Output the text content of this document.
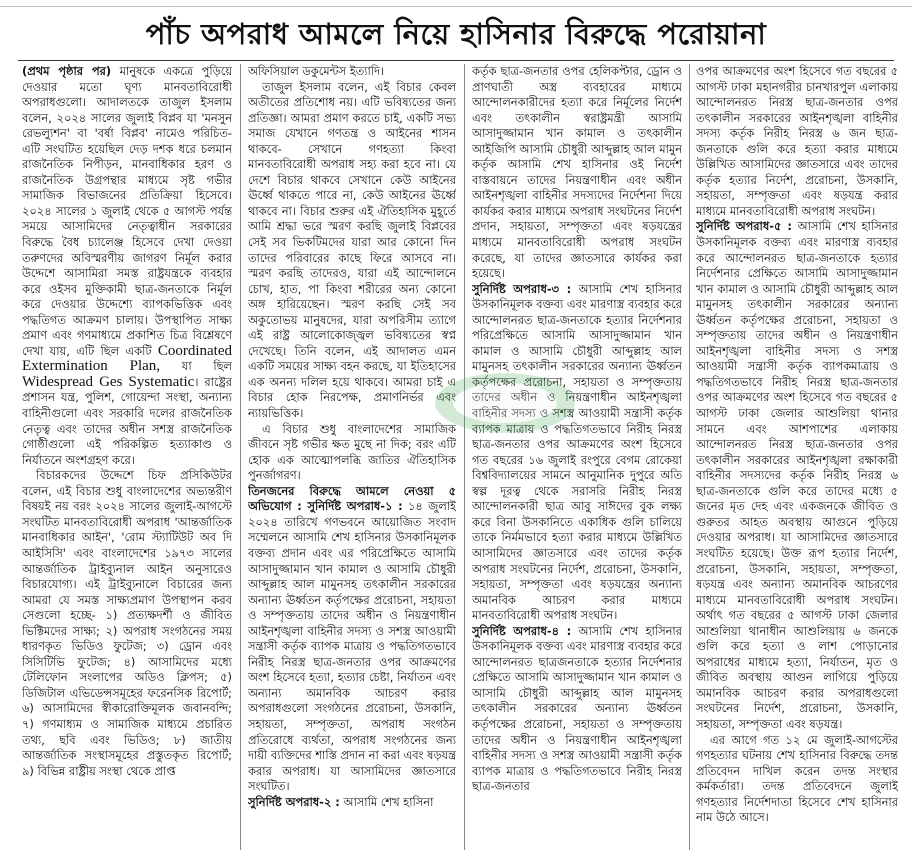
পাঁচ অপরাধ আমলে নিয়ে হাসিনার বিরুদ্ধে পরোয়ানা

(প্রথম পৃষ্ঠার পর) মানুষকে একত্রে পুড়িয়ে দেওয়ার মতো ঘৃণ্য মানবতাবিরোধী অপরাধগুলো। আদালতকে তাজুল ইসলাম বলেন, ২০২৪ সালের জুলাই বিপ্লব যা 'মনসুন রেভল্যুশন' বা 'বর্ষা বিপ্লব' নামেও পরিচিত- এটি সংঘটিত হয়েছিল দেড় দশক ধরে চলমান রাজনৈতিক নিপীড়ন, মানবাধিকার হরণ ও রাজনৈতিক উগ্রপন্থার মাধ্যমে সৃষ্ট গভীর সামাজিক বিভাজনের প্রতিক্রিয়া হিসেবে। ২০২৪ সালের ১ জুলাই থেকে ৫ আগস্ট পর্যন্ত সময়ে আসামিদের নেতৃত্বাধীন সরকারের বিরুদ্ধে বৈধ চ্যালেঞ্জ হিসেবে দেখা দেওয়া তরুণদের অবিস্মরণীয় জাগরণ নির্মূল করার উদ্দেশে আসামিরা সমস্ত রাষ্ট্রযন্ত্রকে ব্যবহার করে ওইসব মুক্তিকামী ছাত্র-জনতাকে নির্মূল করে দেওয়ার উদ্দেশ্যে ব্যাপকভিত্তিক এবং পদ্ধতিগত আক্রমণ চালায়। উপস্থাপিত সাক্ষ্য প্রমাণ এবং গণমাধ্যমে প্রকাশিত চিত্র বিশ্লেষণে দেখা যায়, এটি ছিল একটি Coordinated Extermination Plan, যা ছিল Widespread Ges Systematic। রাষ্ট্রের প্রশাসন যন্ত্র, পুলিশ, গোয়েন্দা সংস্থা, অন্যান্য বাহিনীগুলো এবং সরকারি দলের রাজনৈতিক নেতৃত্ব এবং তাদের অধীন সশস্ত্র রাজনৈতিক গোষ্ঠীগুলো এই পরিকল্পিত হত্যাকাণ্ড ও নির্যাতনে অংশগ্রহণ করে।

বিচারকদের উদ্দেশে চিফ প্রসিকিউটর বলেন, এই বিচার শুধু বাংলাদেশের অভ্যন্তরীণ বিষয়ই নয় বরং ২০২৪ সালের জুলাই-আগস্টে সংঘটিত মানবতাবিরোধী অপরাধ 'আন্তর্জাতিক মানবাধিকার আইন', 'রোম স্ট্যাটিউট অব দি আইসিসি' এবং বাংলাদেশের ১৯৭৩ সালের আন্তর্জাতিক ট্রাইব্যুনাল আইন অনুসারেও বিচারযোগ্য। এই ট্রাইব্যুনালে বিচারের জন্য আমরা যে সমস্ত সাক্ষ্যপ্রমাণ উপস্থাপন করব সেগুলো হচ্ছে- ১) প্রত্যক্ষদর্শী ও জীবিত ভিক্টিমদের সাক্ষ্য; ২) অপরাধ সংগঠনের সময় ধারণকৃত ভিডিও ফুটেজ; ৩) ড্রোন এবং সিসিটিভি ফুটেজ; ৪) আসামিদের মধ্যে টেলিফোন সংলাপের অডিও ক্লিপস; ৫) ডিজিটাল এভিডেন্সসমূহের ফরেনসিক রিপোর্ট; ৬) আসামিদের স্বীকারোক্তিমূলক জবানবন্দি; ৭) গণমাধ্যম ও সামাজিক মাধ্যমে প্রচারিত তথ্য, ছবি এবং ভিডিও; ৮) জাতীয় আন্তর্জাতিক সংস্থাসমূহের প্রস্তুতকৃত রিপোর্ট; ৯) বিভিন্ন রাষ্ট্রীয় সংস্থা থেকে প্রাপ্ত

অফিসিয়াল ডকুমেন্টস ইত্যাদি।

তাজুল ইসলাম বলেন, এই বিচার কেবল অতীতের প্রতিশোধ নয়। এটি ভবিষ্যতের জন্য প্রতিজ্ঞা। আমরা প্রমাণ করতে চাই, একটি সভ্য সমাজ যেখানে গণতন্ত্র ও আইনের শাসন থাকবে- সেখানে গণহত্যা কিংবা মানবতাবিরোধী অপরাধ সহ্য করা হবে না। যে দেশে বিচার থাকবে সেখানে কেউ আইনের ঊর্ধ্বে থাকতে পারে না, কেউ আইনের ঊর্ধ্বে থাকবে না। বিচার শুরুর এই ঐতিহাসিক মুহূর্তে আমি শ্রদ্ধা ভরে স্মরণ করছি জুলাই বিপ্লবের সেই সব ভিকটিমদের যারা আর কোনো দিন তাদের পরিবারের কাছে ফিরে আসবে না। স্মরণ করছি তাদেরও, যারা এই আন্দোলনে চোখ, হাত, পা কিংবা শরীরের অন্য কোনো অঙ্গ হারিয়েছেন। স্মরণ করছি সেই সব অকুতোভয় মানুষদের, যারা অপরিসীম ত্যাগে এই রাষ্ট্র আলোকোজ্জ্বল ভবিষ্যতের স্বপ্ন দেখেছে। তিনি বলেন, এই আদালত এমন একটি সময়ের সাক্ষ্য বহন করছে, যা ইতিহাসের এক অনন্য দলিল হয়ে থাকবে। আমরা চাই এ বিচার হোক নিরপেক্ষ, প্রমাণনির্ভর এবং ন্যায়ভিত্তিক।

এ বিচার শুধু বাংলাদেশের সামাজিক জীবনে সৃষ্ট গভীর ক্ষত মুছে না দিক; বরং এটি হোক এক আত্মোপলব্ধি জাতির ঐতিহাসিক পুনর্জাগরণ।

তিনজনের বিরুদ্ধে আমলে নেওয়া ৫ অভিযোগ : সুনির্দিষ্ট অপরাধ-১ : ১৪ জুলাই ২০২৪ তারিখে গণভবনে আয়োজিত সংবাদ সম্মেলনে আসামি শেখ হাসিনার উসকানিমূলক বক্তব্য প্রদান এবং এর পরিপ্রেক্ষিতে আসামি আসাদুজ্জামান খান কামাল ও আসামি চৌধুরী আব্দুল্লাহ আল মামুনসহ তৎকালীন সরকারের অন্যান্য ঊর্ধ্বতন কর্তৃপক্ষের প্ররোচনা, সহায়তা ও সম্পৃক্ততায় তাদের অধীন ও নিয়ন্ত্রণাধীন আইনশৃঙ্খলা বাহিনীর সদস্য ও সশস্ত্র আওয়ামী সন্ত্রাসী কর্তৃক ব্যাপক মাত্রায় ও পদ্ধতিগতভাবে নিরীহ নিরস্ত্র ছাত্র-জনতার ওপর আক্রমণের অংশ হিসেবে হত্যা, হত্যার চেষ্টা, নির্যাতন এবং অন্যান্য অমানবিক আচরণ করার অপরাধগুলো সংগঠনের প্ররোচনা, উসকানি, সহায়তা, সম্পৃক্ততা, অপরাধ সংগঠন প্রতিরোধে ব্যর্থতা, অপরাধ সংগঠনের জন্য দায়ী ব্যক্তিদের শাস্তি প্রদান না করা এবং ষড়যন্ত্র করার অপরাধ। যা আসামিদের জ্ঞাতসারে সংঘটিত।

সুনির্দিষ্ট অপরাধ-২ : আসামি শেখ হাসিনা

কর্তৃক ছাত্র-জনতার ওপর হেলিকপ্টার, ড্রোন ও প্রাণঘাতী অস্ত্র ব্যবহারের মাধ্যমে আন্দোলনকারীদের হত্যা করে নির্মূলের নির্দেশ এবং তৎকালীন স্বরাষ্ট্রমন্ত্রী আসামি আসাদুজ্জামান খান কামাল ও তৎকালীন আইজিপি আসামি চৌধুরী আব্দুল্লাহ আল মামুন কর্তৃক আসামি শেখ হাসিনার ওই নির্দেশ বাস্তবায়নে তাদের নিয়ন্ত্রণাধীন এবং অধীন আইনশৃঙ্খলা বাহিনীর সদস্যদের নির্দেশনা দিয়ে কার্যকর করার মাধ্যমে অপরাধ সংঘটনের নির্দেশ প্রদান, সহায়তা, সম্পৃক্ততা এবং ষড়যন্ত্রের মাধ্যমে মানবতাবিরোধী অপরাধ সংঘটন করেছে, যা তাদের জ্ঞাতসারে কার্যকর করা হয়েছে।

সুনির্দিষ্ট অপরাধ-৩ : আসামি শেখ হাসিনার উসকানিমূলক বক্তব্য এবং মারণাস্ত্র ব্যবহার করে আন্দোলনরত ছাত্র-জনতাকে হত্যার নির্দেশনার পরিপ্রেক্ষিতে আসামি আসাদুজ্জামান খান কামাল ও আসামি চৌধুরী আব্দুল্লাহ আল মামুনসহ তৎকালীন সরকারের অন্যান্য ঊর্ধ্বতন কর্তৃপক্ষের প্ররোচনা, সহায়তা ও সম্পৃক্ততায় তাদের অধীন ও নিয়ন্ত্রণাধীন আইনশৃঙ্খলা বাহিনীর সদস্য ও সশস্ত্র আওয়ামী সন্ত্রাসী কর্তৃক ব্যাপক মাত্রায় ও পদ্ধতিগতভাবে নিরীহ নিরস্ত্র ছাত্র-জনতার ওপর আক্রমণের অংশ হিসেবে গত বছরের ১৬ জুলাই রংপুরে বেগম রোকেয়া বিশ্ববিদ্যালয়ের সামনে আনুমানিক দুপুরে অতি স্বল্প দূরত্ব থেকে সরাসরি নিরীহ নিরস্ত্র আন্দোলনকারী ছাত্র আবু সাঈদের বুক লক্ষ্য করে বিনা উসকানিতে একাধিক গুলি চালিয়ে তাকে নির্মমভাবে হত্যা করার মাধ্যমে উল্লিখিত আসামিদের জ্ঞাতসারে এবং তাদের কর্তৃক অপরাধ সংঘটনের নির্দেশ, প্ররোচনা, উসকানি, সহায়তা, সম্পৃক্ততা এবং ষড়যন্ত্রের অন্যান্য অমানবিক আচরণ করার মাধ্যমে মানবতাবিরোধী অপরাধ সংঘটন।

সুনির্দিষ্ট অপরাধ-৪ : আসামি শেখ হাসিনার উসকানিমূলক বক্তব্য এবং মারণাস্ত্র ব্যবহার করে আন্দোলনরত ছাত্রজনতাকে হত্যার নির্দেশনার প্রেক্ষিতে আসামি আসাদুজ্জামান খান কামাল ও আসামি চৌধুরী আব্দুল্লাহ আল মামুনসহ তৎকালীন সরকারের অন্যান্য ঊর্ধ্বতন কর্তৃপক্ষের প্ররোচনা, সহায়তা ও সম্পৃক্ততায় তাদের অধীন ও নিয়ন্ত্রণাধীন আইনশৃঙ্খলা বাহিনীর সদস্য ও সশস্ত্র আওয়ামী সন্ত্রাসী কর্তৃক ব্যাপক মাত্রায় ও পদ্ধতিগতভাবে নিরীহ নিরস্ত্র ছাত্র-জনতার

ওপর আক্রমণের অংশ হিসেবে গত বছরের ৫ আগস্ট ঢাকা মহানগরীর চানখারপুল এলাকায় আন্দোলনরত নিরস্ত্র ছাত্র-জনতার ওপর তৎকালীন সরকারের আইনশৃঙ্খলা বাহিনীর সদস্য কর্তৃক নিরীহ নিরস্ত্র ৬ জন ছাত্র-জনতাকে গুলি করে হত্যা করার মাধ্যমে উল্লিখিত আসামিদের জ্ঞাতসারে এবং তাদের কর্তৃক হত্যার নির্দেশ, প্ররোচনা, উসকানি, সহায়তা, সম্পৃক্ততা এবং ষড়যন্ত্র করার মাধ্যমে মানবতাবিরোধী অপরাধ সংঘটন।

সুনির্দিষ্ট অপরাধ-৫ : আসামি শেখ হাসিনার উসকানিমূলক বক্তব্য এবং মারণাস্ত্র ব্যবহার করে আন্দোলনরত ছাত্র-জনতাকে হত্যার নির্দেশনার প্রেক্ষিতে আসামি আসাদুজ্জামান খান কামাল ও আসামি চৌধুরী আব্দুল্লাহ আল মামুনসহ তৎকালীন সরকারের অন্যান্য ঊর্ধ্বতন কর্তৃপক্ষের প্ররোচনা, সহায়তা ও সম্পৃক্ততায় তাদের অধীন ও নিয়ন্ত্রণাধীন আইনশৃঙ্খলা বাহিনীর সদস্য ও সশস্ত্র আওয়ামী সন্ত্রাসী কর্তৃক ব্যাপকমাত্রায় ও পদ্ধতিগতভাবে নিরীহ নিরস্ত্র ছাত্র-জনতার ওপর আক্রমণের অংশ হিসেবে গত বছরের ৫ আগস্ট ঢাকা জেলার আশুলিয়া থানার সামনে এবং আশপাশের এলাকায় আন্দোলনরত নিরস্ত্র ছাত্র-জনতার ওপর তৎকালীন সরকারের আইনশৃঙ্খলা রক্ষাকারী বাহিনীর সদস্যদের কর্তৃক নিরীহ নিরস্ত্র ৬ ছাত্র-জনতাকে গুলি করে তাদের মধ্যে ৫ জনের মৃত দেহ এবং একজনকে জীবিত ও গুরুতর আহত অবস্থায় আগুনে পুড়িয়ে দেওয়ার অপরাধ। যা আসামিদের জ্ঞাতসারে সংঘটিত হয়েছে। উক্ত রূপ হত্যার নির্দেশ, প্ররোচনা, উসকানি, সহায়তা, সম্পৃক্ততা, ষড়যন্ত্র এবং অন্যান্য অমানবিক আচরণের মাধ্যমে মানবতাবিরোধী অপরাধ সংঘটন। অর্থাৎ গত বছরের ৫ আগস্ট ঢাকা জেলার আশুলিয়া থানাধীন আশুলিয়ায় ৬ জনকে গুলি করে হত্যা ও লাশ পোড়ানোর অপরাধের মাধ্যমে হত্যা, নির্যাতন, মৃত ও জীবিত অবস্থায় আগুন লাগিয়ে পুড়িয়ে অমানবিক আচরণ করার অপরাধগুলো সংঘটনের নির্দেশ, প্ররোচনা, উসকানি, সহায়তা, সম্পৃক্ততা এবং ষড়যন্ত্র।

এর আগে গত ১২ মে জুলাই-আগস্টের গণহত্যার ঘটনায় শেখ হাসিনার বিরুদ্ধে তদন্ত প্রতিবেদন দাখিল করেন তদন্ত সংস্থার কর্মকর্তারা। তদন্ত প্রতিবেদনে জুলাই গণহত্যার নির্দেশদাতা হিসেবে শেখ হাসিনার নাম উঠে আসে।
